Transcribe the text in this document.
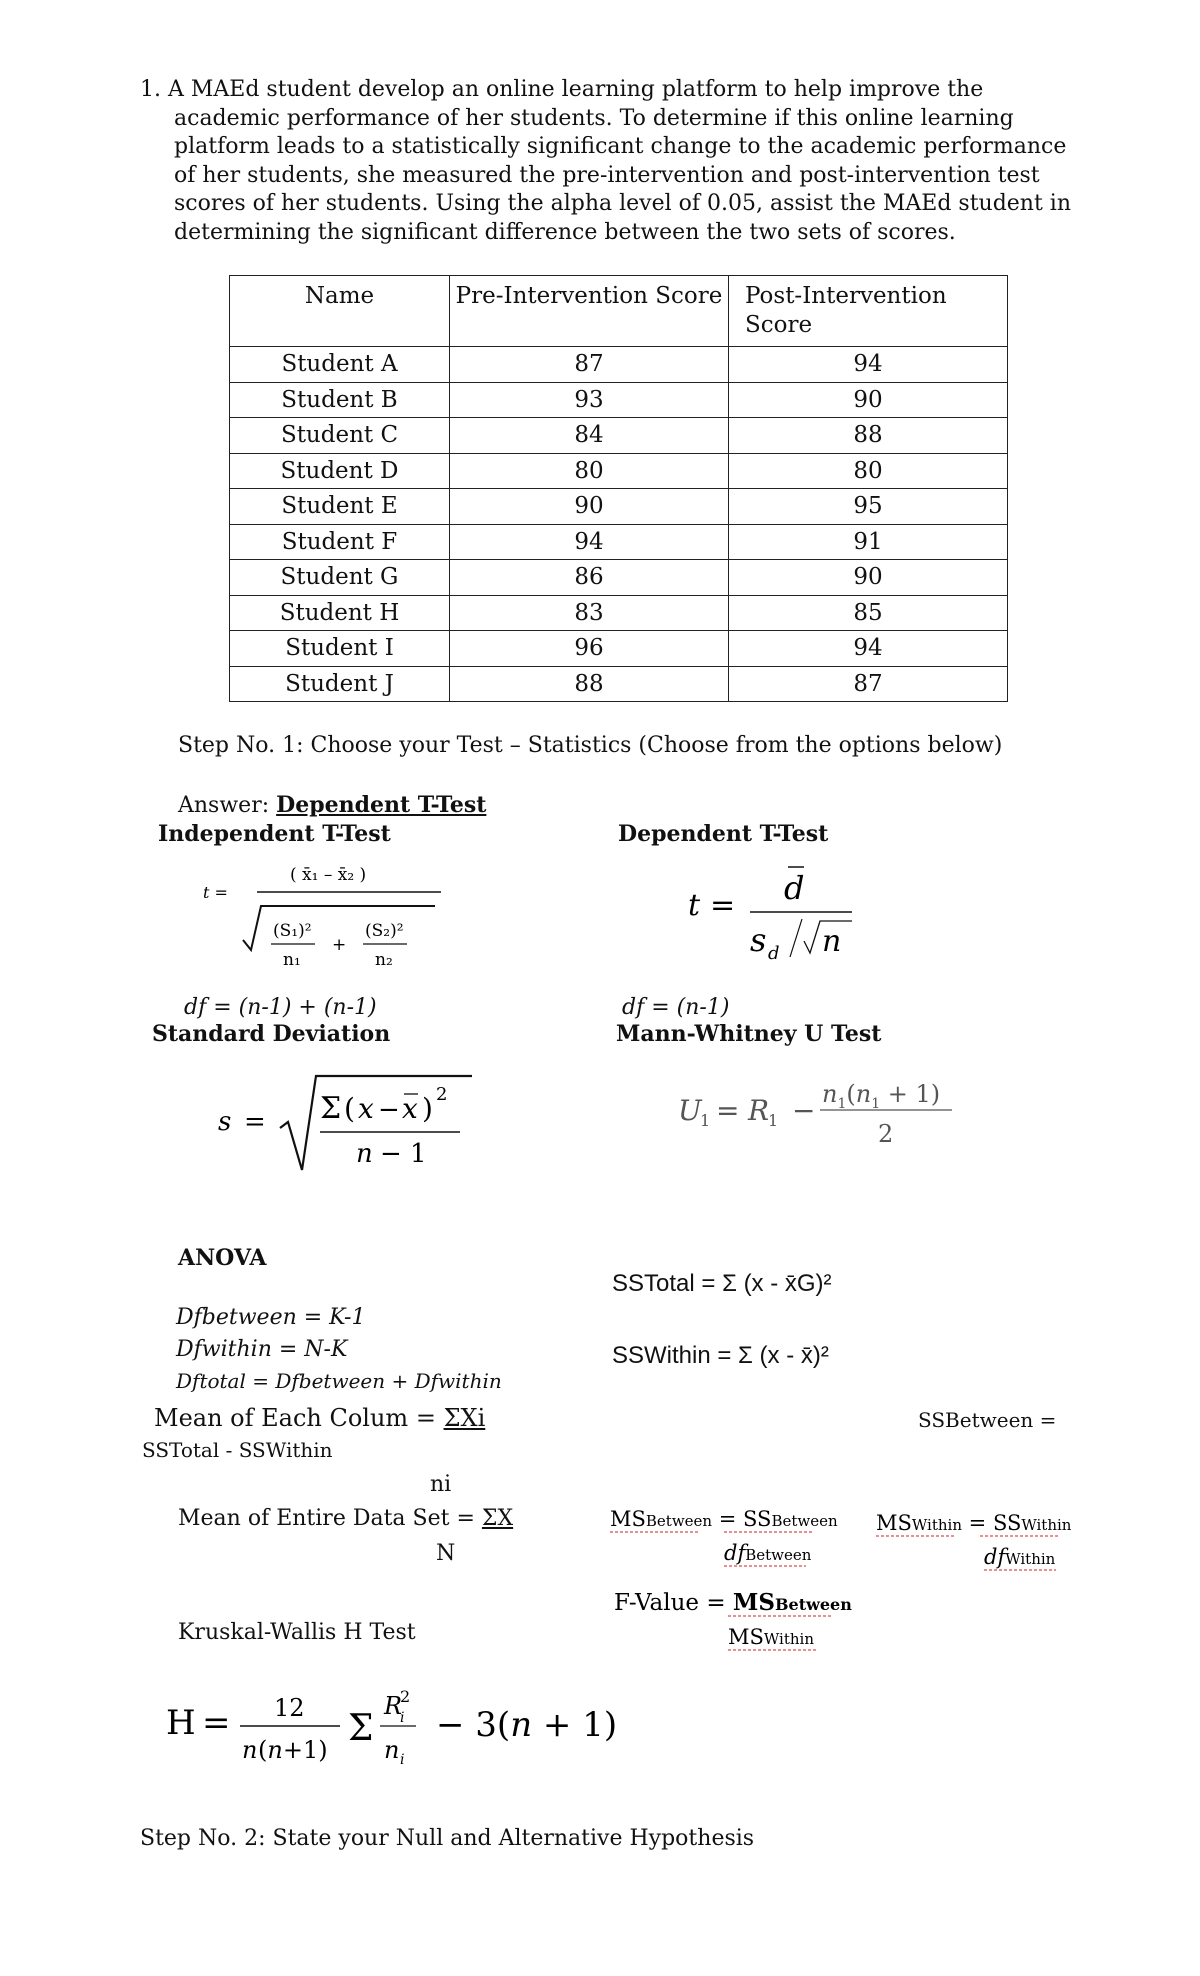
1. A MAEd student develop an online learning platform to help improve the academic performance of her students. To determine if this online learning platform leads to a statistically significant change to the academic performance of her students, she measured the pre-intervention and post-intervention test scores of her students. Using the alpha level of 0.05, assist the MAEd student in determining the significant difference between the two sets of scores.

Name	Pre-Intervention Score	Post-Intervention Score
Student A	87	94
Student B	93	90
Student C	84	88
Student D	80	80
Student E	90	95
Student F	94	91
Student G	86	90
Student H	83	85
Student I	96	94
Student J	88	87
Step No. 1: Choose your Test – Statistics (Choose from the options below)
Answer: Dependent T-Test
Independent T-Test
t =
( x̄₁ – x̄₂ )
(S₁)²
n₁
+
(S₂)²
n₂
df = (n-1) + (n-1)
Dependent T-Test
t = d
s d n
df = (n-1)
Standard Deviation
s = Σ ( x − x ) 2
n − 1
Mann-Whitney U Test
U
1 = R
$1 - n_1(n_1 + 1)$
2
ANOVA
Dfbetween = K-1
Dfwithin = N-K
Dftotal = Dfbetween + Dfwithin
Mean of Each Colum = ΣXi
ni
Mean of Entire Data Set = ΣX
N
SSBetween =
SSTotal - SSWithin
SSTotal = Σ (x - x̄G)²
SSWithin = Σ (x - x̄)²
MSBetween = SSBetween
dfBetween
MSWithin = SSWithin
dfWithin
F-Value = MSBetween
MSWithin
Kruskal-Wallis H Test
H = 12
n (n+1)
Σ
R
i
2
n i
− 3(n + 1)
Step No. 2: State your Null and Alternative Hypothesis
